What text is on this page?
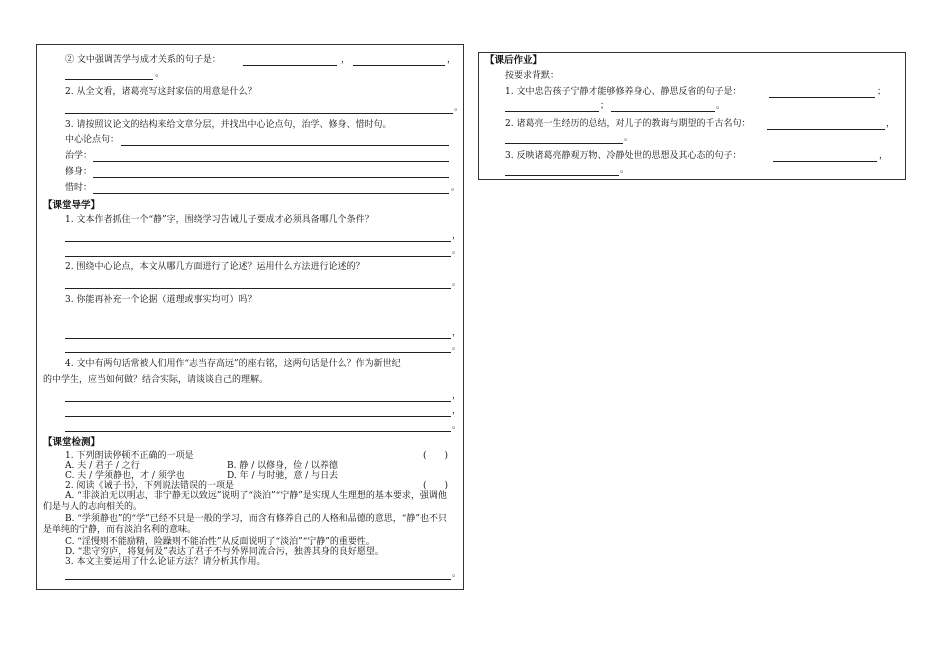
② 文中强调苦学与成才关系的句子是：	，	，
。
2. 从全文看，诸葛亮写这封家信的用意是什么？
。
3. 请按照议论文的结构来给文章分层，并找出中心论点句，治学、修身、惜时句。
中心论点句：
治学：
修身：
惜时：	。
【课堂导学】
1. 文本作者抓住一个“静”字，围绕学习告诫儿子要成才必须具备哪几个条件？
，
。
2. 围绕中心论点，本文从哪几方面进行了论述？运用什么方法进行论述的？
。
3. 你能再补充一个论据（道理或事实均可）吗？
，
。
4. 文中有两句话常被人们用作“志当存高远”的座右铭，这两句话是什么？作为新世纪
的中学生，应当如何做？结合实际，请谈谈自己的理解。
，
，
。
【课堂检测】
1. 下列朗读停顿不正确的一项是	(　　)
A. 夫 / 君子 / 之行	B. 静 / 以修身，俭 / 以养德
C. 夫 / 学须静也，才 / 须学也	D. 年 / 与时驰，意 / 与日去
2. 阅读《诫子书》，下列说法错误的一项是	(　　)
A. “非淡泊无以明志，非宁静无以致远”说明了“淡泊”“宁静”是实现人生理想的基本要求，强调他们是与人的志向相关的。
B. “学须静也”的“学”已经不只是一般的学习，而含有修养自己的人格和品德的意思，“静”也不只是单纯的宁静，而有淡泊名利的意味。
C. “淫慢则不能励精，险躁则不能冶性”从反面说明了“淡泊”“宁静”的重要性。
D. “悲守穷庐，将复何及”表达了君子不与外界同流合污，独善其身的良好愿望。
3. 本文主要运用了什么论证方法？请分析其作用。
。
【课后作业】
按要求背默：
1. 文中忠告孩子宁静才能够修养身心、静思反省的句子是：	；
；	。
2. 诸葛亮一生经历的总结，对儿子的教诲与期望的千古名句：	，
。
3. 反映诸葛亮静观万物、冷静处世的思想及其心态的句子：	，
。
